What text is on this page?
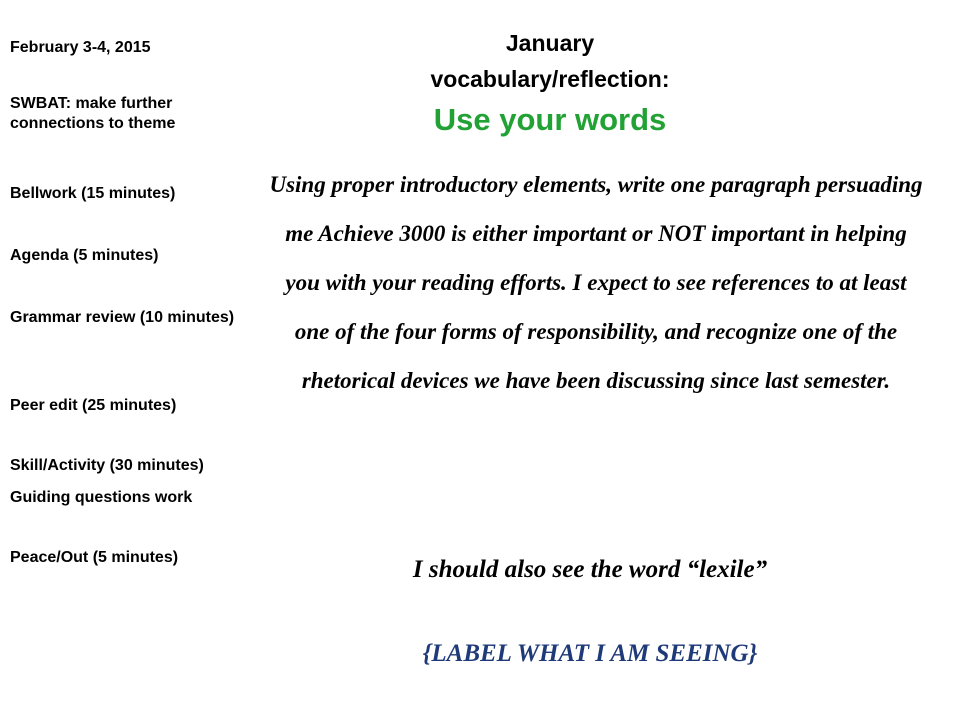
February 3-4, 2015
SWBAT: make further connections to theme
Bellwork (15 minutes)
Agenda (5 minutes)
Grammar review (10 minutes)
Peer edit (25 minutes)
Skill/Activity (30 minutes)
Guiding questions work
Peace/Out (5 minutes)
January
vocabulary/reflection:
Use your words
Using proper introductory elements, write one paragraph persuading me Achieve 3000 is either important or NOT important in helping you with your reading efforts. I expect to see references to at least one of the four forms of responsibility, and recognize one of the rhetorical devices we have been discussing since last semester.
I should also see the word “lexile”
{LABEL WHAT I AM SEEING}
